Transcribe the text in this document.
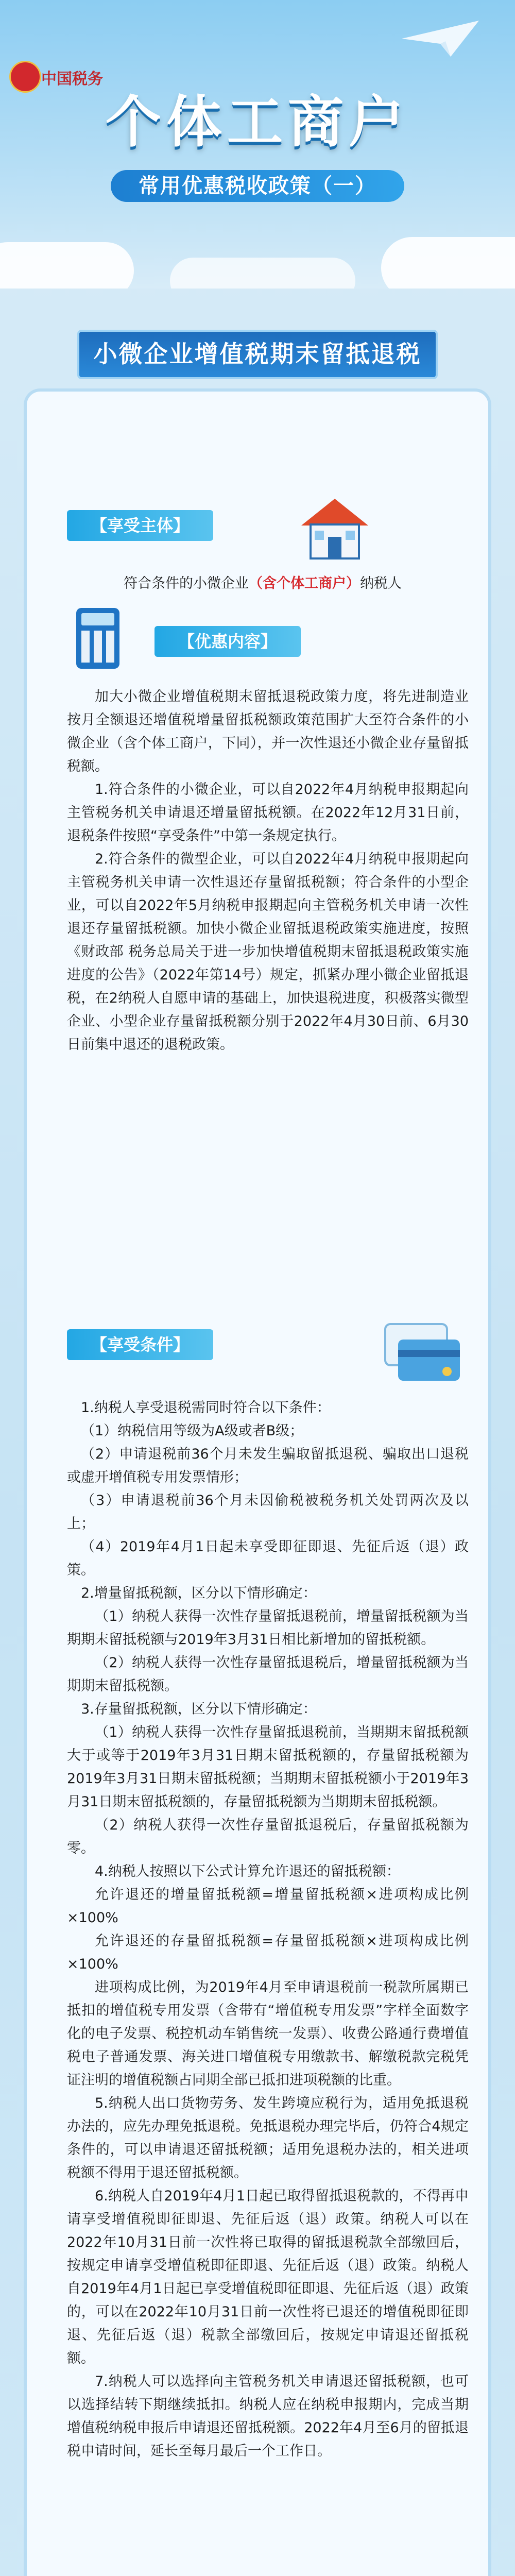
中国税务
个体工商户
常用优惠税收政策（一）
小微企业增值税期末留抵退税
【享受主体】

符合条件的小微企业（含个体工商户）纳税人

【优惠内容】

加大小微企业增值税期末留抵退税政策力度，将先进制造业按月全额退还增值税增量留抵税额政策范围扩大至符合条件的小微企业（含个体工商户，下同），并一次性退还小微企业存量留抵税额。

1.符合条件的小微企业，可以自2022年4月纳税申报期起向主管税务机关申请退还增量留抵税额。在2022年12月31日前，退税条件按照“享受条件”中第一条规定执行。

2.符合条件的微型企业，可以自2022年4月纳税申报期起向主管税务机关申请一次性退还存量留抵税额；符合条件的小型企业，可以自2022年5月纳税申报期起向主管税务机关申请一次性退还存量留抵税额。加快小微企业留抵退税政策实施进度，按照《财政部 税务总局关于进一步加快增值税期末留抵退税政策实施进度的公告》（2022年第14号）规定，抓紧办理小微企业留抵退税，在2纳税人自愿申请的基础上，加快退税进度，积极落实微型企业、小型企业存量留抵税额分别于2022年4月30日前、6月30日前集中退还的退税政策。

【享受条件】

1.纳税人享受退税需同时符合以下条件：

（1）纳税信用等级为A级或者B级；

（2）申请退税前36个月未发生骗取留抵退税、骗取出口退税或虚开增值税专用发票情形；

（3）申请退税前36个月未因偷税被税务机关处罚两次及以上；

（4）2019年4月1日起未享受即征即退、先征后返（退）政策。

2.增量留抵税额，区分以下情形确定：

（1）纳税人获得一次性存量留抵退税前，增量留抵税额为当期期末留抵税额与2019年3月31日相比新增加的留抵税额。

（2）纳税人获得一次性存量留抵退税后，增量留抵税额为当期期末留抵税额。

3.存量留抵税额，区分以下情形确定：

（1）纳税人获得一次性存量留抵退税前，当期期末留抵税额大于或等于2019年3月31日期末留抵税额的，存量留抵税额为2019年3月31日期末留抵税额；当期期末留抵税额小于2019年3月31日期末留抵税额的，存量留抵税额为当期期末留抵税额。

（2）纳税人获得一次性存量留抵退税后，存量留抵税额为零。

4.纳税人按照以下公式计算允许退还的留抵税额：

允许退还的增量留抵税额=增量留抵税额×进项构成比例×100%

允许退还的存量留抵税额=存量留抵税额×进项构成比例×100%

进项构成比例，为2019年4月至申请退税前一税款所属期已抵扣的增值税专用发票（含带有“增值税专用发票”字样全面数字化的电子发票、税控机动车销售统一发票）、收费公路通行费增值税电子普通发票、海关进口增值税专用缴款书、解缴税款完税凭证注明的增值税额占同期全部已抵扣进项税额的比重。

5.纳税人出口货物劳务、发生跨境应税行为，适用免抵退税办法的，应先办理免抵退税。免抵退税办理完毕后，仍符合4规定条件的，可以申请退还留抵税额；适用免退税办法的，相关进项税额不得用于退还留抵税额。

6.纳税人自2019年4月1日起已取得留抵退税款的，不得再申请享受增值税即征即退、先征后返（退）政策。纳税人可以在2022年10月31日前一次性将已取得的留抵退税款全部缴回后，按规定申请享受增值税即征即退、先征后返（退）政策。纳税人自2019年4月1日起已享受增值税即征即退、先征后返（退）政策的，可以在2022年10月31日前一次性将已退还的增值税即征即退、先征后返（退）税款全部缴回后，按规定申请退还留抵税额。

7.纳税人可以选择向主管税务机关申请退还留抵税额，也可以选择结转下期继续抵扣。纳税人应在纳税申报期内，完成当期增值税纳税申报后申请退还留抵税额。2022年4月至6月的留抵退税申请时间，延长至每月最后一个工作日。
